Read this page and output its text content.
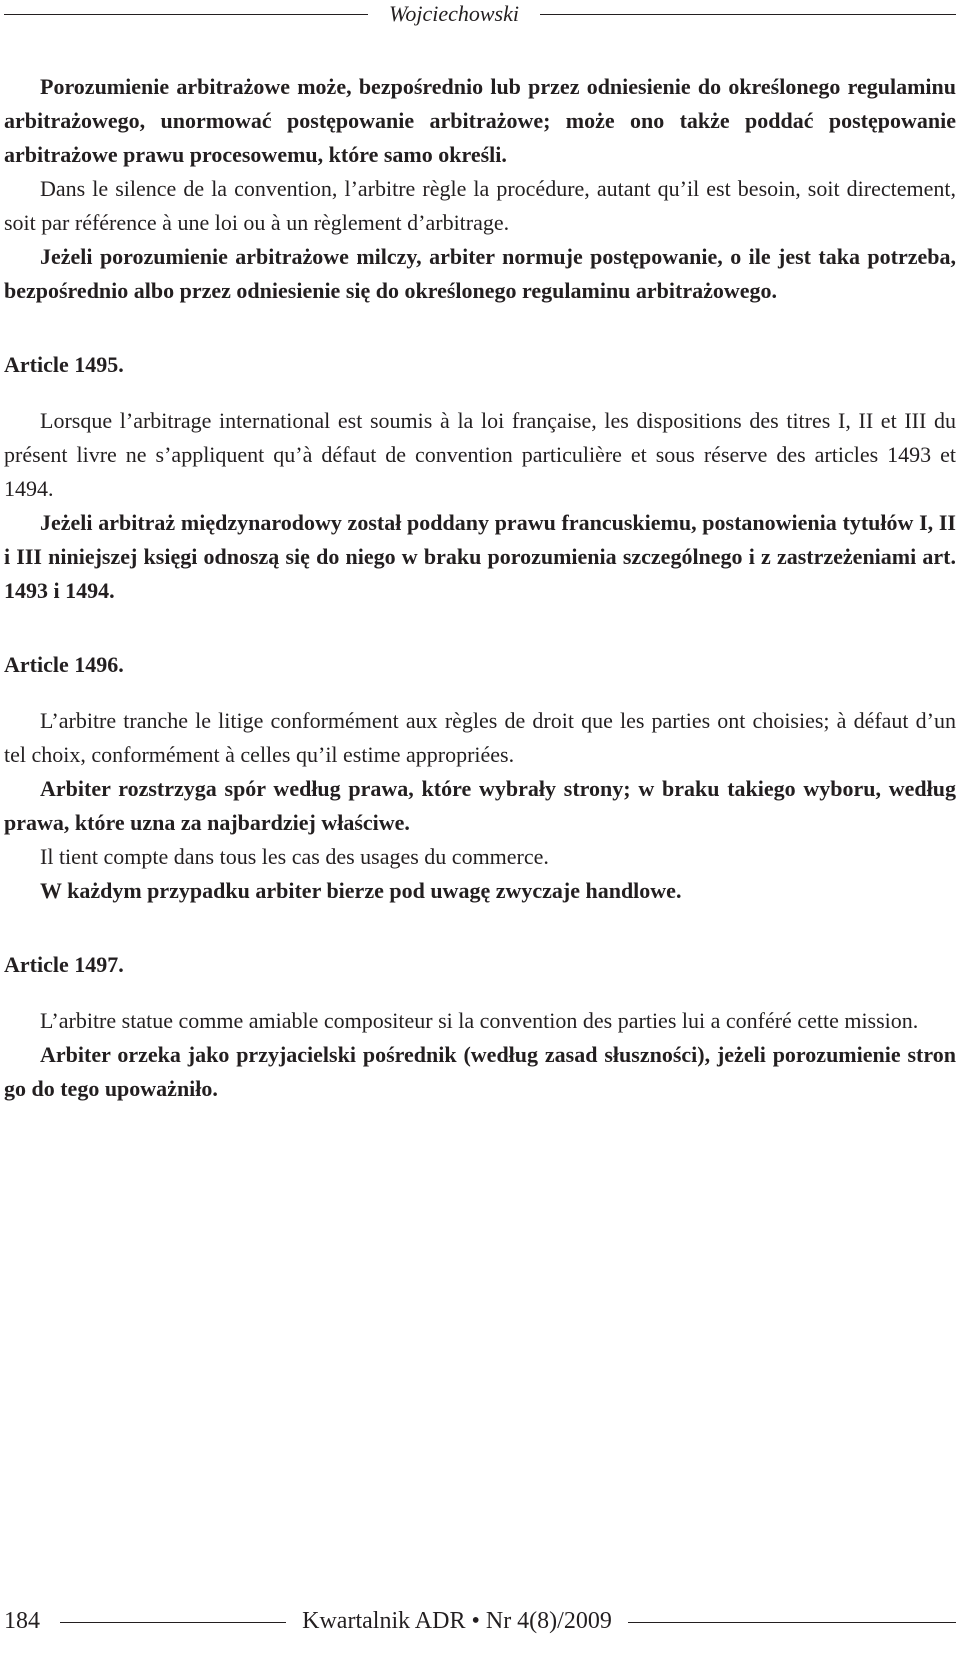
Wojciechowski

Porozumienie arbitrażowe może, bezpośrednio lub przez odniesienie do określonego regulaminu arbitrażowego, unormować postępowanie arbitrażowe; może ono także poddać postępowanie arbitrażowe prawu procesowemu, które samo określi.

Dans le silence de la convention, l’arbitre règle la procédure, autant qu’il est besoin, soit directement, soit par référence à une loi ou à un règlement d’arbitrage.

Jeżeli porozumienie arbitrażowe milczy, arbiter normuje postępowanie, o ile jest taka potrzeba, bezpośrednio albo przez odniesienie się do określonego regulaminu arbitrażowego.

Article 1495.

Lorsque l’arbitrage international est soumis à la loi française, les dispositions des titres I, II et III du présent livre ne s’appliquent qu’à défaut de convention particulière et sous réserve des articles 1493 et 1494.

Jeżeli arbitraż międzynarodowy został poddany prawu francuskiemu, postanowienia tytułów I, II i III niniejszej księgi odnoszą się do niego w braku porozumienia szczególnego i z zastrzeżeniami art. 1493 i 1494.

Article 1496.

L’arbitre tranche le litige conformément aux règles de droit que les parties ont choisies; à défaut d’un tel choix, conformément à celles qu’il estime appropriées.

Arbiter rozstrzyga spór według prawa, które wybrały strony; w braku takiego wyboru, według prawa, które uzna za najbardziej właściwe.

Il tient compte dans tous les cas des usages du commerce.

W każdym przypadku arbiter bierze pod uwagę zwyczaje handlowe.

Article 1497.

L’arbitre statue comme amiable compositeur si la convention des parties lui a conféré cette mission.

Arbiter orzeka jako przyjacielski pośrednik (według zasad słuszności), jeżeli porozumienie stron go do tego upoważniło.

184	Kwartalnik ADR • Nr 4(8)/2009
